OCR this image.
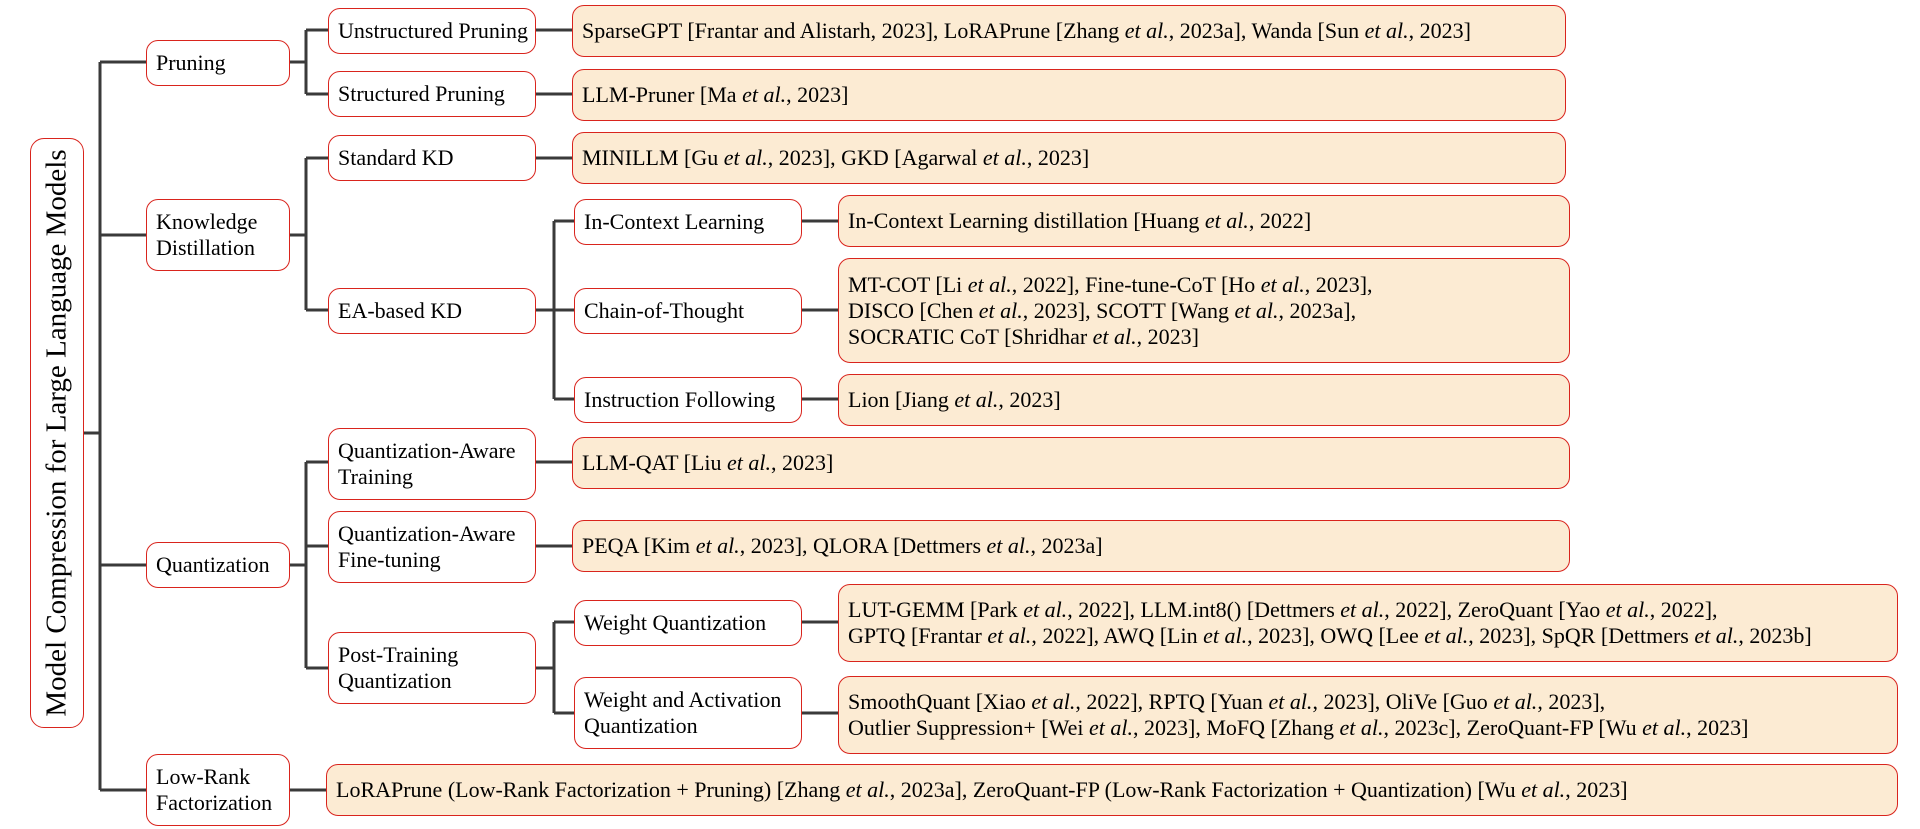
Model Compression for Large Language Models
Pruning
Knowledge
Distillation
Quantization
Low-Rank
Factorization
Unstructured Pruning
Structured Pruning
Standard KD
EA-based KD
Quantization-Aware
Training
Quantization-Aware
Fine-tuning
Post-Training
Quantization
In-Context Learning
Chain-of-Thought
Instruction Following
Weight Quantization
Weight and Activation
Quantization
SparseGPT [Frantar and Alistarh, 2023], LoRAPrune [Zhang et al., 2023a], Wanda [Sun et al., 2023]
LLM-Pruner [Ma et al., 2023]
MINILLM [Gu et al., 2023], GKD [Agarwal et al., 2023]
In-Context Learning distillation [Huang et al., 2022]
MT-COT [Li et al., 2022], Fine-tune-CoT [Ho et al., 2023],
DISCO [Chen et al., 2023], SCOTT [Wang et al., 2023a],
SOCRATIC CoT [Shridhar et al., 2023]
Lion [Jiang et al., 2023]
LLM-QAT [Liu et al., 2023]
PEQA [Kim et al., 2023], QLORA [Dettmers et al., 2023a]
LUT-GEMM [Park et al., 2022], LLM.int8() [Dettmers et al., 2022], ZeroQuant [Yao et al., 2022],
GPTQ [Frantar et al., 2022], AWQ [Lin et al., 2023], OWQ [Lee et al., 2023], SpQR [Dettmers et al., 2023b]
SmoothQuant [Xiao et al., 2022], RPTQ [Yuan et al., 2023], OliVe [Guo et al., 2023],
Outlier Suppression+ [Wei et al., 2023], MoFQ [Zhang et al., 2023c], ZeroQuant-FP [Wu et al., 2023]
LoRAPrune (Low-Rank Factorization + Pruning) [Zhang et al., 2023a], ZeroQuant-FP (Low-Rank Factorization + Quantization) [Wu et al., 2023]
